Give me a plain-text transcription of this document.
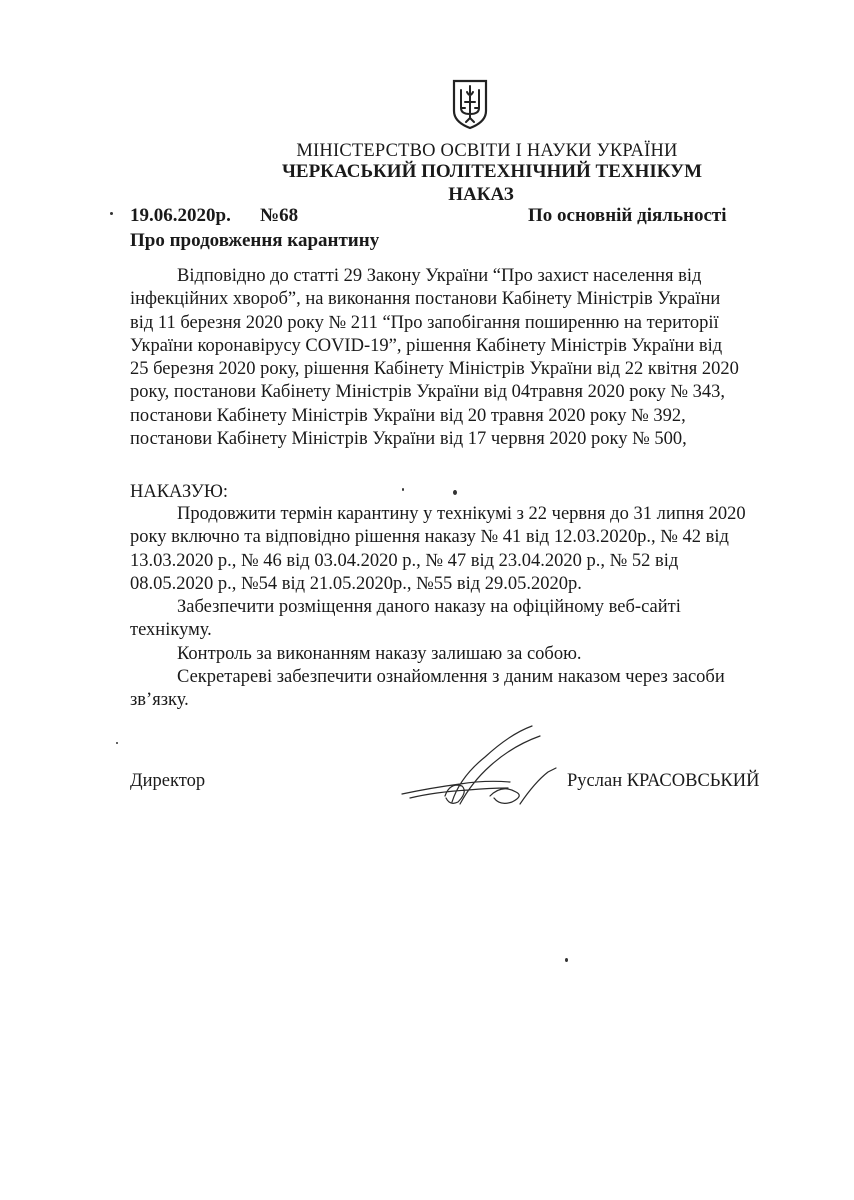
МІНІСТЕРСТВО ОСВІТИ І НАУКИ УКРАЇНИ
ЧЕРКАСЬКИЙ ПОЛІТЕХНІЧНИЙ ТЕХНІКУМ
НАКАЗ
19.06.2020р. №68	По основній діяльності
Про продовження карантину
Відповідно до статті 29 Закону України “Про захист населення від
інфекційних хвороб”, на виконання постанови Кабінету Міністрів України
від 11 березня 2020 року № 211 “Про запобігання поширенню на території
України коронавірусу COVID-19”, рішення Кабінету Міністрів України від
25 березня 2020 року, рішення Кабінету Міністрів України від 22 квітня 2020
року, постанови Кабінету Міністрів України від 04травня 2020 року № 343,
постанови Кабінету Міністрів України від 20 травня 2020 року № 392,
постанови Кабінету Міністрів України від 17 червня 2020 року № 500,
НАКАЗУЮ:
Продовжити термін карантину у технікумі з 22 червня до 31 липня 2020
року включно та відповідно рішення наказу № 41 від 12.03.2020р., № 42 від
13.03.2020 р., № 46 від 03.04.2020 р., № 47 від 23.04.2020 р., № 52 від
08.05.2020 р., №54 від 21.05.2020р., №55 від 29.05.2020р.
Забезпечити розміщення даного наказу на офіційному веб-сайті
технікуму.
Контроль за виконанням наказу залишаю за собою.
Секретареві забезпечити ознайомлення з даним наказом через засоби
зв’язку.
Директор	Руслан КРАСОВСЬКИЙ
